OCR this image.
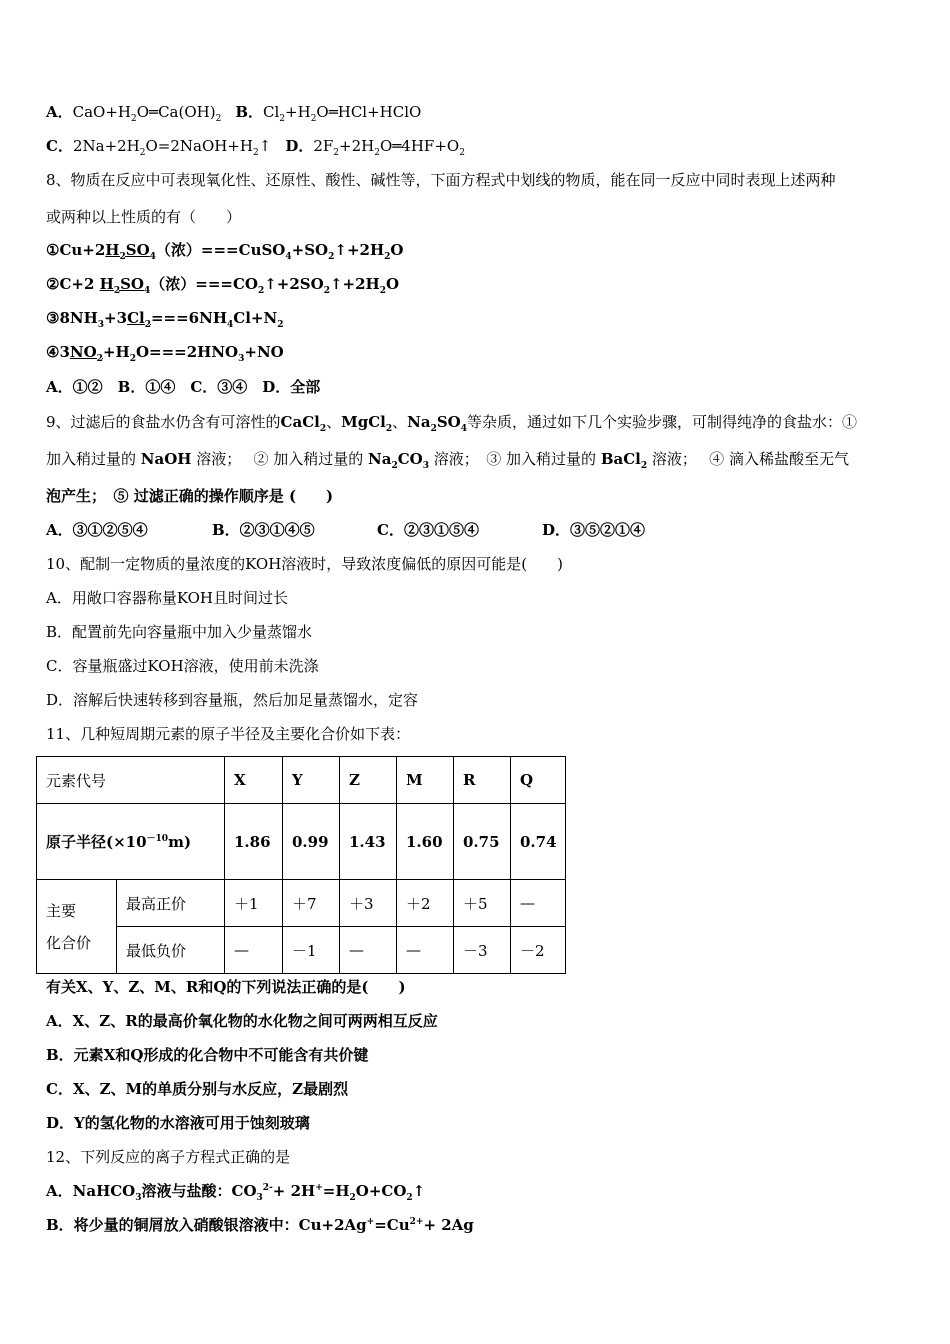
A．$CaO+H_2O═Ca(OH)_2$ B．$Cl_2+H_2O═HCl+HClO$
C．$2Na+2H_2O=2NaOH+H_2↑$ D．$2F_2+2H_2O═4HF+O_2$
8、物质在反应中可表现氧化性、还原性、酸性、碱性等，下面方程式中划线的物质，能在同一反应中同时表现上述两种
或两种以上性质的有（　　）
$①Cu+2H_2SO_4$（浓）$===CuSO_4+SO_2↑+2H_2O$
②C+2 $H_2SO_4$（浓）$===CO_2↑+2SO_2↑+2H_2O$
$③8NH_3+3Cl_2===6NH_4Cl+N_2$
$④3NO_2+H_2O===2HNO_3+NO$
A．①②　B．①④　C．③④　D．全部
9、过滤后的食盐水仍含有可溶性的CaCl$_2$、MgCl$_2$、$Na_2SO_4$等杂质，通过如下几个实验步骤，可制得纯净的食盐水：①
加入稍过量的 NaOH 溶液；　 ② 加入稍过量的 $Na_2CO_3$ 溶液；　③ 加入稍过量的 BaCl$_2$ 溶液；　 ④ 滴入稀盐酸至无气
泡产生；　⑤ 过滤正确的操作顺序是 (　　)
A．③①②⑤④	B．②③①④⑤	C．②③①⑤④	D．③⑤②①④
10、配制一定物质的量浓度的KOH溶液时，导致浓度偏低的原因可能是(　　)
A．用敞口容器称量KOH且时间过长
B．配置前先向容量瓶中加入少量蒸馏水
C．容量瓶盛过KOH溶液，使用前未洗涤
D．溶解后快速转移到容量瓶，然后加足量蒸馏水，定容
11、几种短周期元素的原子半径及主要化合价如下表：
元素代号		X	Y	Z	M	R	Q
原子半径$(\times 10^{-10}m)$		1.86	0.99	1.43	1.60	0.75	0.74
主要
化合价	最高正价	＋1	＋7	＋3	＋2	＋5	—
	最低负价	—	－1	—	—	－3	－2
有关X、Y、Z、M、R和Q的下列说法正确的是(　　)
A．X、Z、R的最高价氧化物的水化物之间可两两相互反应
B．元素X和Q形成的化合物中不可能含有共价键
C．X、Z、M的单质分别与水反应，Z最剧烈
D．Y的氢化物的水溶液可用于蚀刻玻璃
12、下列反应的离子方程式正确的是
A．NaHCO$_3$溶液与盐酸：$CO_3^{2-}+$ $2H^+=H_2O+CO_2↑$
B．将少量的铜屑放入硝酸银溶液中：$Cu+2Ag^+=Cu^{2+}+ 2Ag$
